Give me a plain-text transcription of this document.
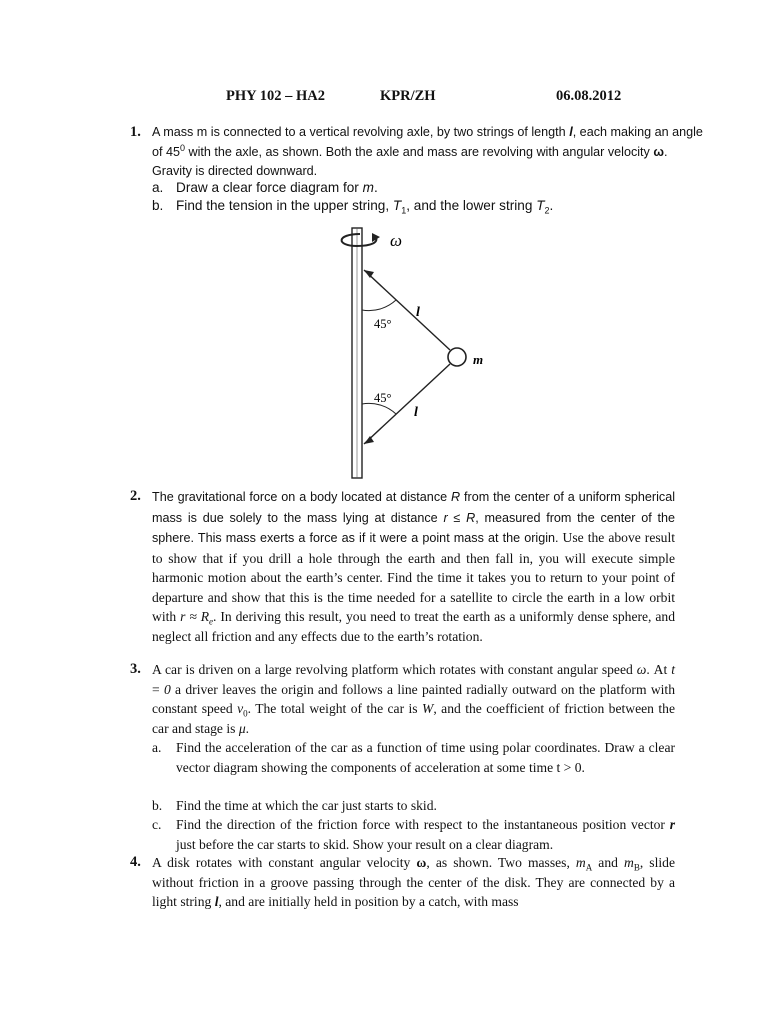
PHY 102 – HA2	KPR/ZH	06.08.2012
1. A mass m is connected to a vertical revolving axle, by two strings of length l, each making an angle of $45^0$ with the axle, as shown. Both the axle and mass are revolving with angular velocity ω. Gravity is directed downward.
a. Draw a clear force diagram for m.
b. Find the tension in the upper string, $T_1$, and the lower string $T_2$.
ω
m
45°
45°
l
l
2. The gravitational force on a body located at distance R from the center of a uniform spherical mass is due solely to the mass lying at distance r ≤ R, measured from the center of the sphere. This mass exerts a force as if it were a point mass at the origin. Use the above result to show that if you drill a hole through the earth and then fall in, you will execute simple harmonic motion about the earth’s center. Find the time it takes you to return to your point of departure and show that this is the time needed for a satellite to circle the earth in a low orbit with $r \approx R_e$. In deriving this result, you need to treat the earth as a uniformly dense sphere, and neglect all friction and any effects due to the earth’s rotation.
3. A car is driven on a large revolving platform which rotates with constant angular speed ω. At t = 0 a driver leaves the origin and follows a line painted radially outward on the platform with constant speed $v_0$. The total weight of the car is W, and the coefficient of friction between the car and stage is μ.
a. Find the acceleration of the car as a function of time using polar coordinates. Draw a clear vector diagram showing the components of acceleration at some time t > 0.
b. Find the time at which the car just starts to skid.
c. Find the direction of the friction force with respect to the instantaneous position vector r just before the car starts to skid. Show your result on a clear diagram.
4. A disk rotates with constant angular velocity ω, as shown. Two masses, $m_A$ and $m_B$, slide without friction in a groove passing through the center of the disk. They are connected by a light string l, and are initially held in position by a catch, with mass
